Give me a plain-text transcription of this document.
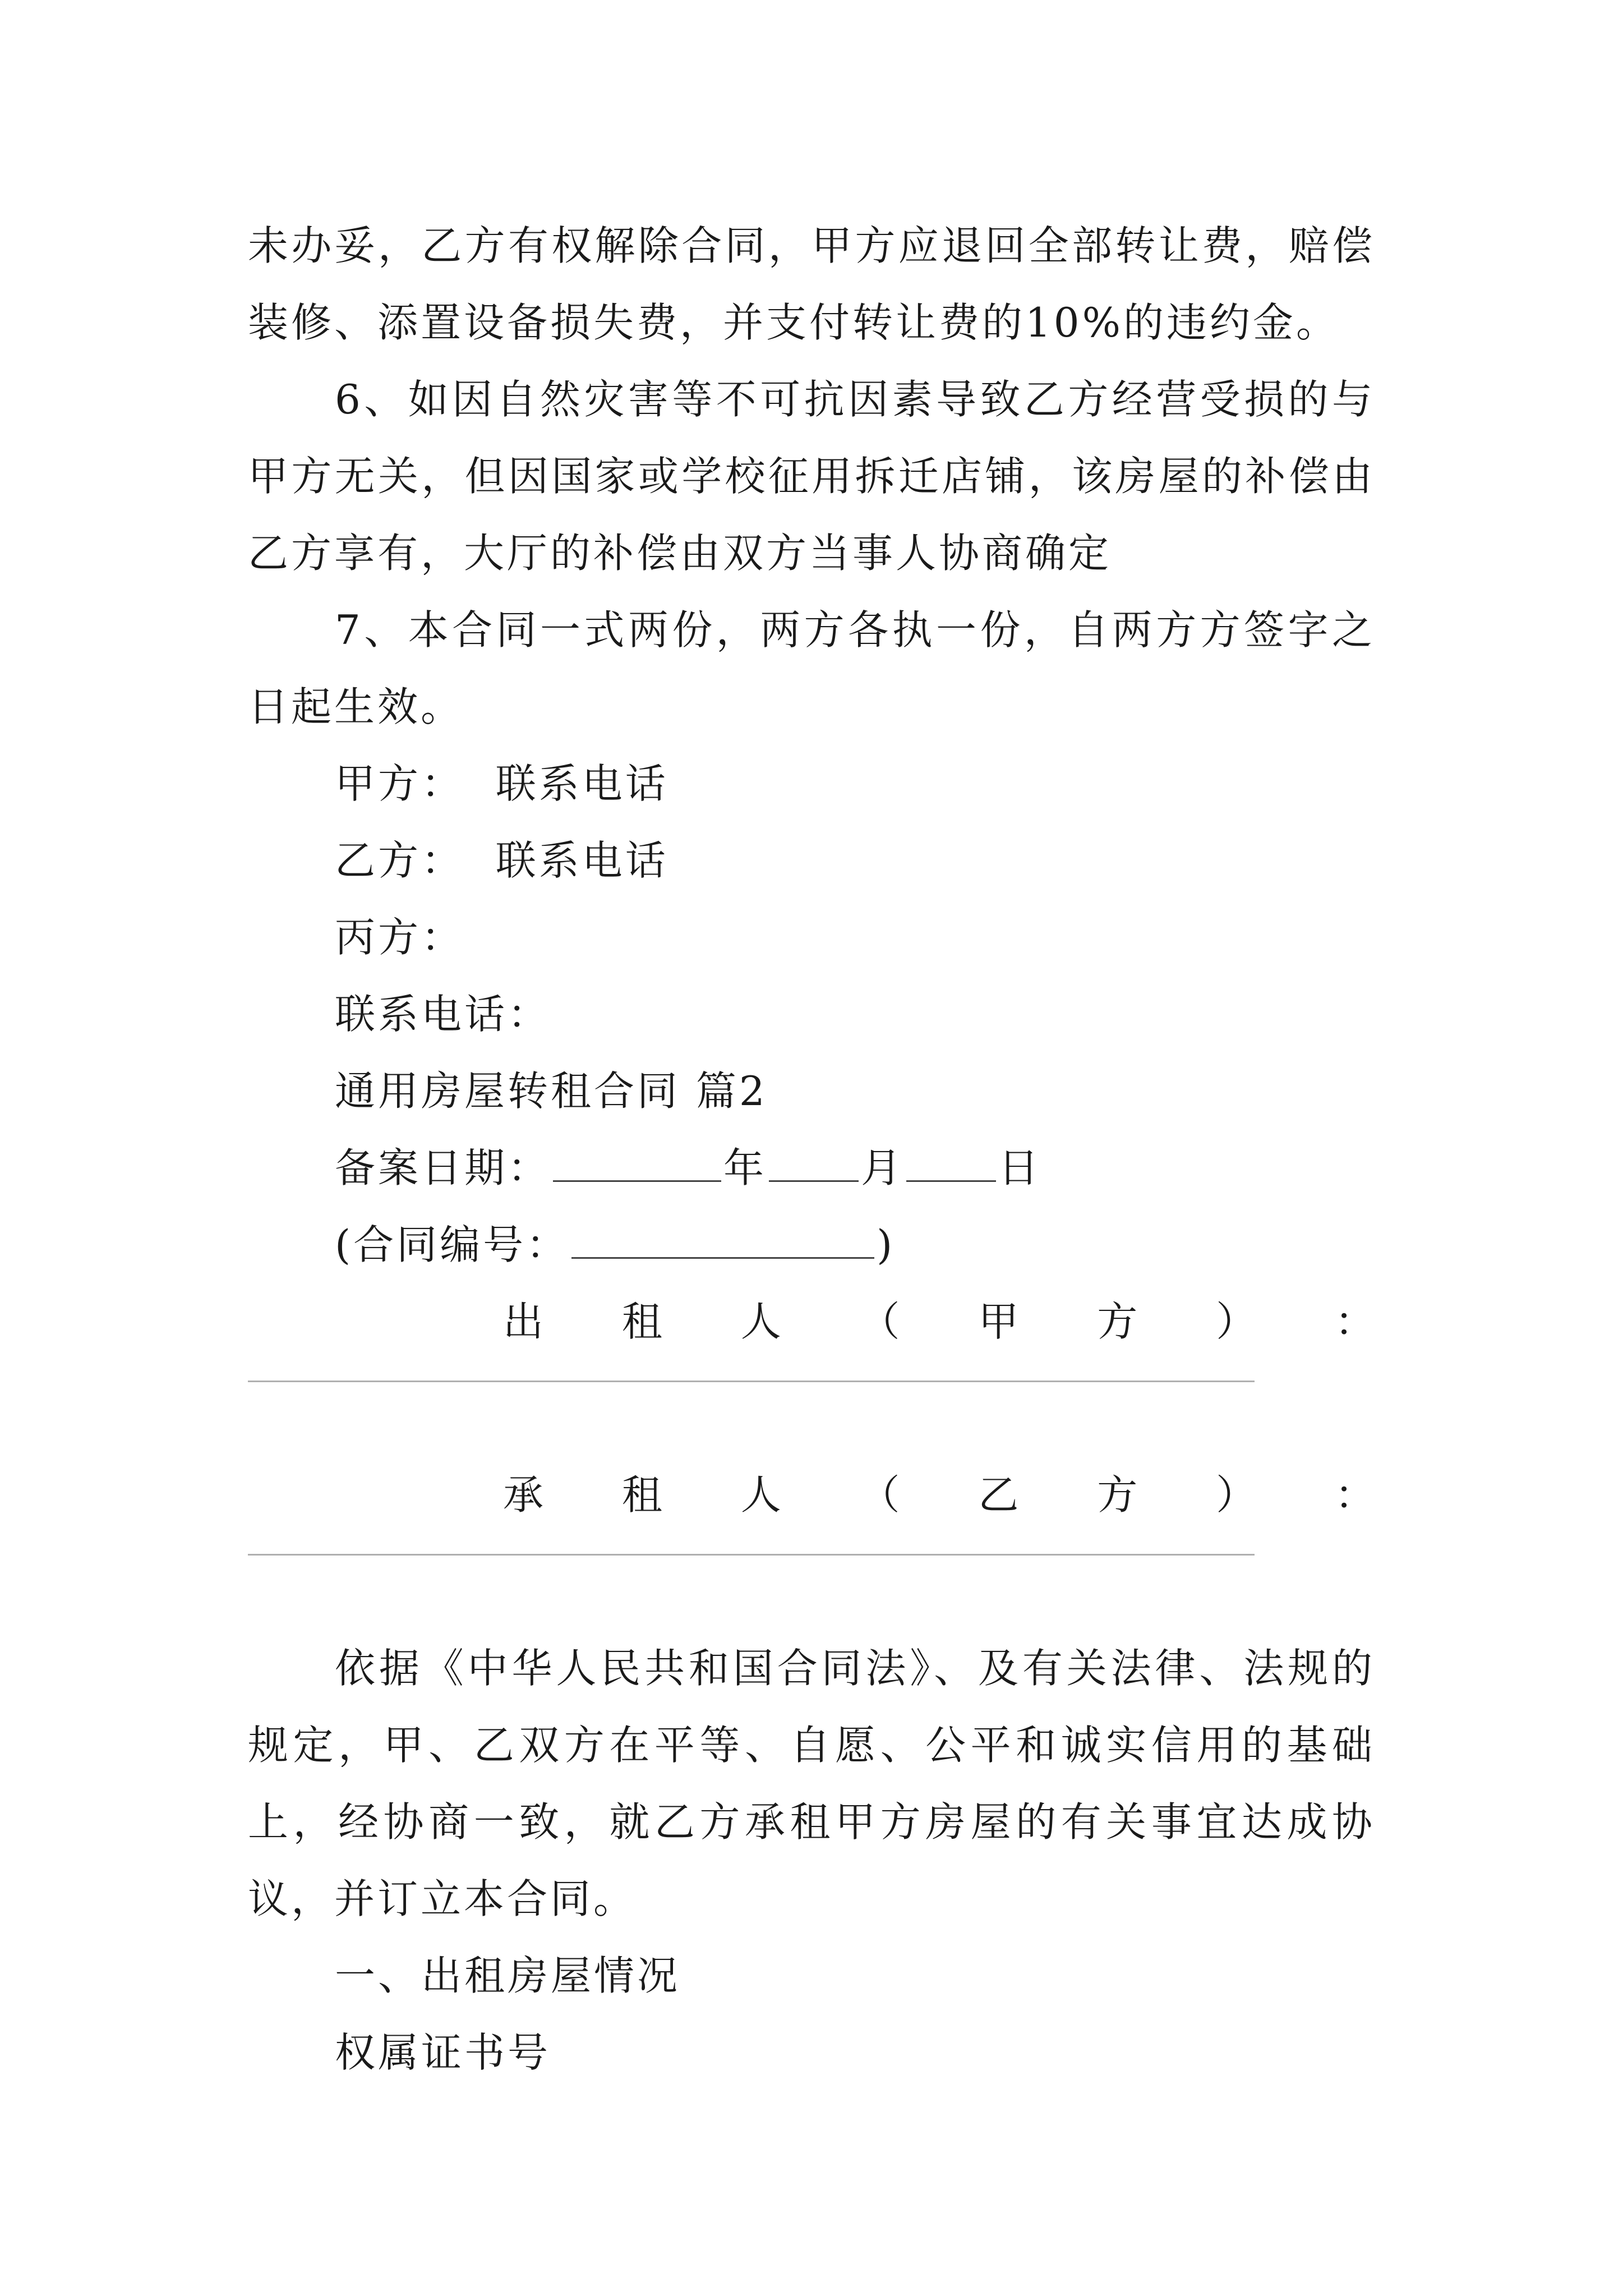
未办妥，乙方有权解除合同，甲方应退回全部转让费，赔偿装修、添置设备损失费，并支付转让费的10%的违约金。

6、如因自然灾害等不可抗因素导致乙方经营受损的与甲方无关，但因国家或学校征用拆迁店铺，该房屋的补偿由乙方享有，大厅的补偿由双方当事人协商确定

7、本合同一式两份，两方各执一份，自两方方签字之日起生效。

甲方：  联系电话
乙方：  联系电话
丙方：
联系电话：
通用房屋转租合同 篇2
备案日期：	年 月 日
(合同编号：	)
出 租 人 （ 甲 方 ） ：
承 租 人 （ 乙 方 ） ：

依据《中华人民共和国合同法》、及有关法律、法规的规定，甲、乙双方在平等、自愿、公平和诚实信用的基础上，经协商一致，就乙方承租甲方房屋的有关事宜达成协议，并订立本合同。

一、出租房屋情况
权属证书号
